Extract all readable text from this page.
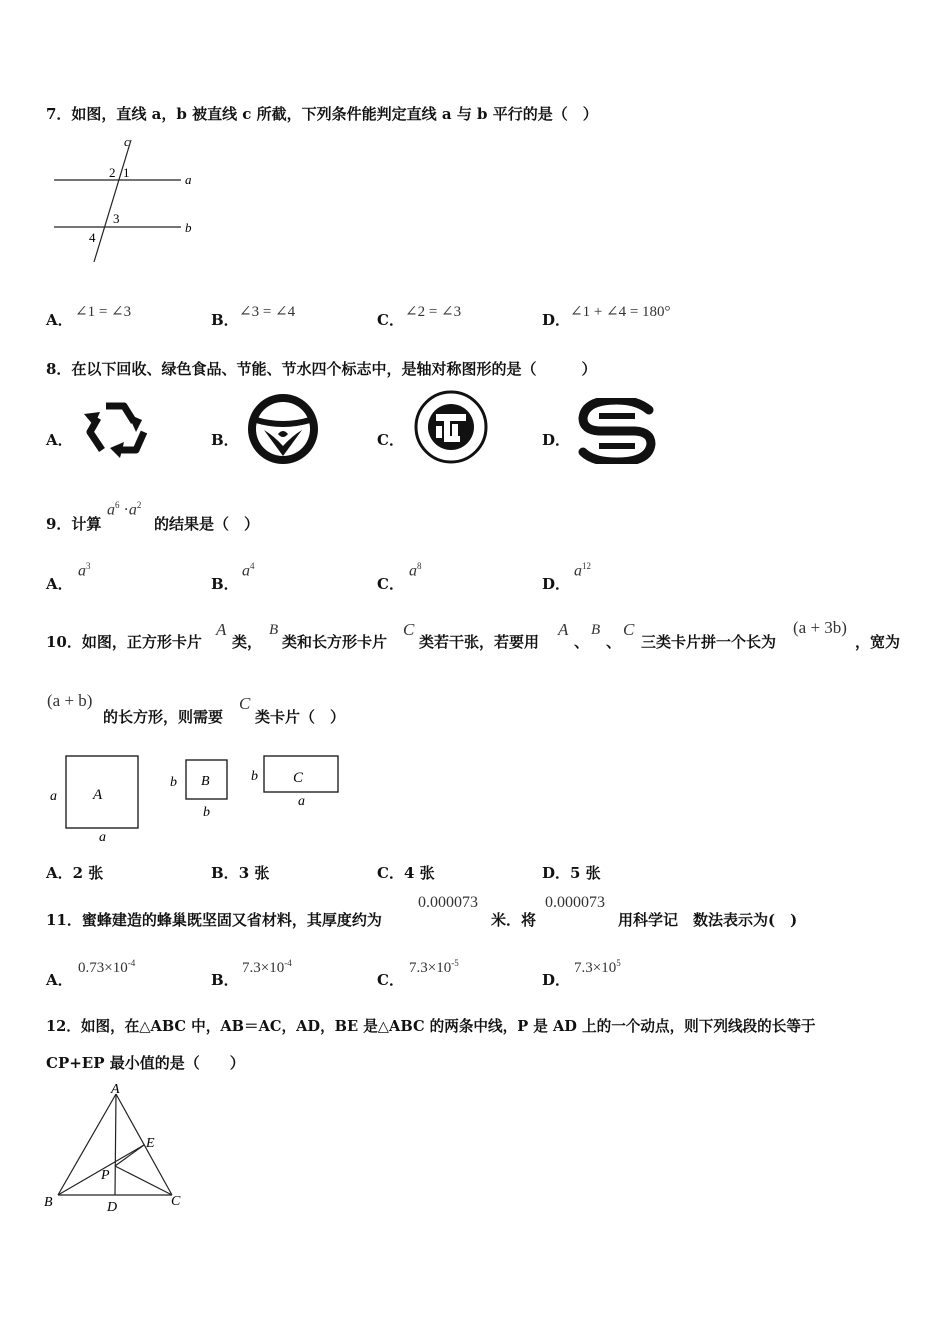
7．如图，直线 a，b 被直线 c 所截，下列条件能判定直线 a 与 b 平行的是（　）
c
a
b
2 1
3
4
A． ∠1 = ∠3	B． ∠3 = ∠4	C． ∠2 = ∠3	D． ∠1 + ∠4 = 180°
8．在以下回收、绿色食品、节能、节水四个标志中，是轴对称图形的是（　　　）
A．	B．	C．	D．
9．计算
$a^6 \cdot a^2$
的结果是（　）
A．
$a^3$
B．
$a^4$
C．
$a^8$
D．
$a^{12}$
10．如图，正方形卡片
A
类，
B
类和长方形卡片
C
类若干张，若要用
A
、
B
、
C
三类卡片拼一个长为
(a + 3b)
，宽为
(a + b)
的长方形，则需要
C
类卡片（　）
A
a
a
B
b
b
C
b
a
A．2 张	B．3 张	C．4 张	D．5 张
11．蜜蜂建造的蜂巢既坚固又省材料，其厚度约为
0.000073
米．将
0.000073
用科学记　数法表示为(　)
A．
$0.73\times 10^{-4}$
B．
$7.3\times 10^{-4}$
C．
$7.3\times 10^{-5}$
D．
$7.3\times 10^5$
12．如图，在△ABC 中，AB＝AC，AD，BE 是△ABC 的两条中线，P 是 AD 上的一个动点，则下列线段的长等于
CP+EP 最小值的是（　　）
A
B	C
D
E
P
